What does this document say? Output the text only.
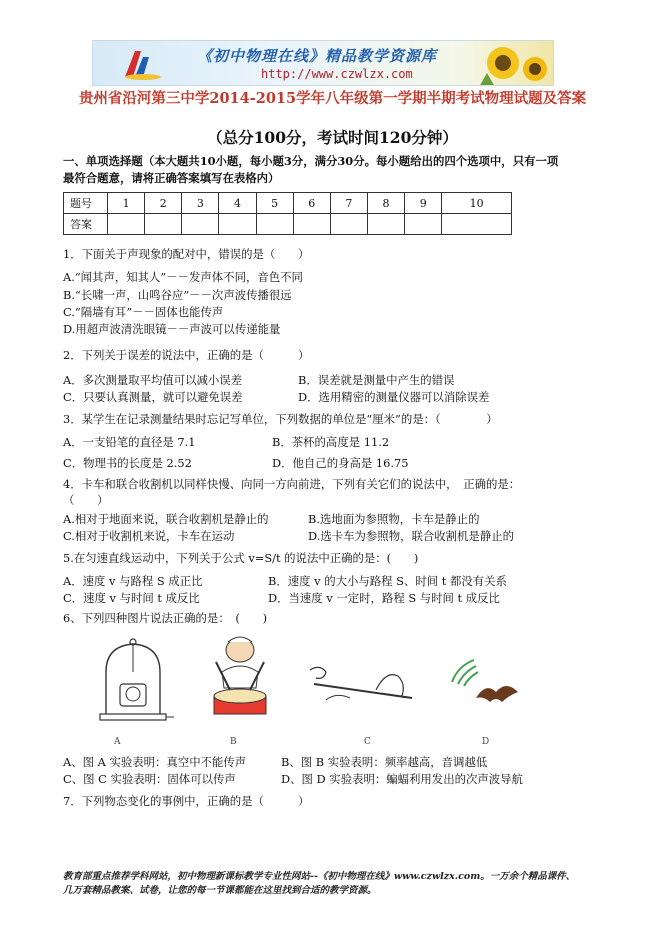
《初中物理在线》精品教学资源库
http://www.czwlzx.com
贵州省沿河第三中学2014-2015学年八年级第一学期半期考试物理试题及答案
（总分100分，考试时间120分钟）
一、单项选择题（本大题共10小题，每小题3分，满分30分。每小题给出的四个选项中，只有一项
最符合题意，请将正确答案填写在表格内）
题号	1	2	3	4	5	6	7	8	9	10
答案										
1．下面关于声现象的配对中，错误的是（　　）
A.“闻其声，知其人”－－发声体不同，音色不同
B.“长啸一声，山鸣谷应”－－次声波传播很远
C.“隔墙有耳”－－固体也能传声
D.用超声波清洗眼镜－－声波可以传递能量
2．下列关于误差的说法中，正确的是（　　　）
A．多次测量取平均值可以减小误差	B．误差就是测量中产生的错误
C．只要认真测量，就可以避免误差	D．选用精密的测量仪器可以消除误差
3．某学生在记录测量结果时忘记写单位，下列数据的单位是“厘米”的是：（　　　　）
A．一支铅笔的直径是 7.1	B．茶杯的高度是 11.2
C．物理书的长度是 2.52	D．他自己的身高是 16.75
4．卡车和联合收割机以同样快慢、向同一方向前进，下列有关它们的说法中，　正确的是：
（　　）
A.相对于地面来说，联合收割机是静止的	B.选地面为参照物，卡车是静止的
C.相对于收割机来说，卡车在运动	D.选卡车为参照物，联合收割机是静止的
5.在匀速直线运动中，下列关于公式 v=S/t 的说法中正确的是：(　　)
A．速度 v 与路程 S 成正比	B．速度 v 的大小与路程 S、时间 t 都没有关系
C．速度 v 与时间 t 成反比	D．当速度 v 一定时，路程 S 与时间 t 成反比
6、下列四种图片说法正确的是：　(　　)
A	B	C	D
A、图 A 实验表明：真空中不能传声	B、图 B 实验表明：频率越高，音调越低
C、图 C 实验表明：固体可以传声	D、图 D 实验表明：蝙蝠利用发出的次声波导航
7．下列物态变化的事例中，正确的是（　　　）
教育部重点推荐学科网站，初中物理新课标教学专业性网站--《初中物理在线》www.czwlzx.com。一万余个精品课件、
几万套精品教案、试卷，让您的每一节课都能在这里找到合适的教学资源。
